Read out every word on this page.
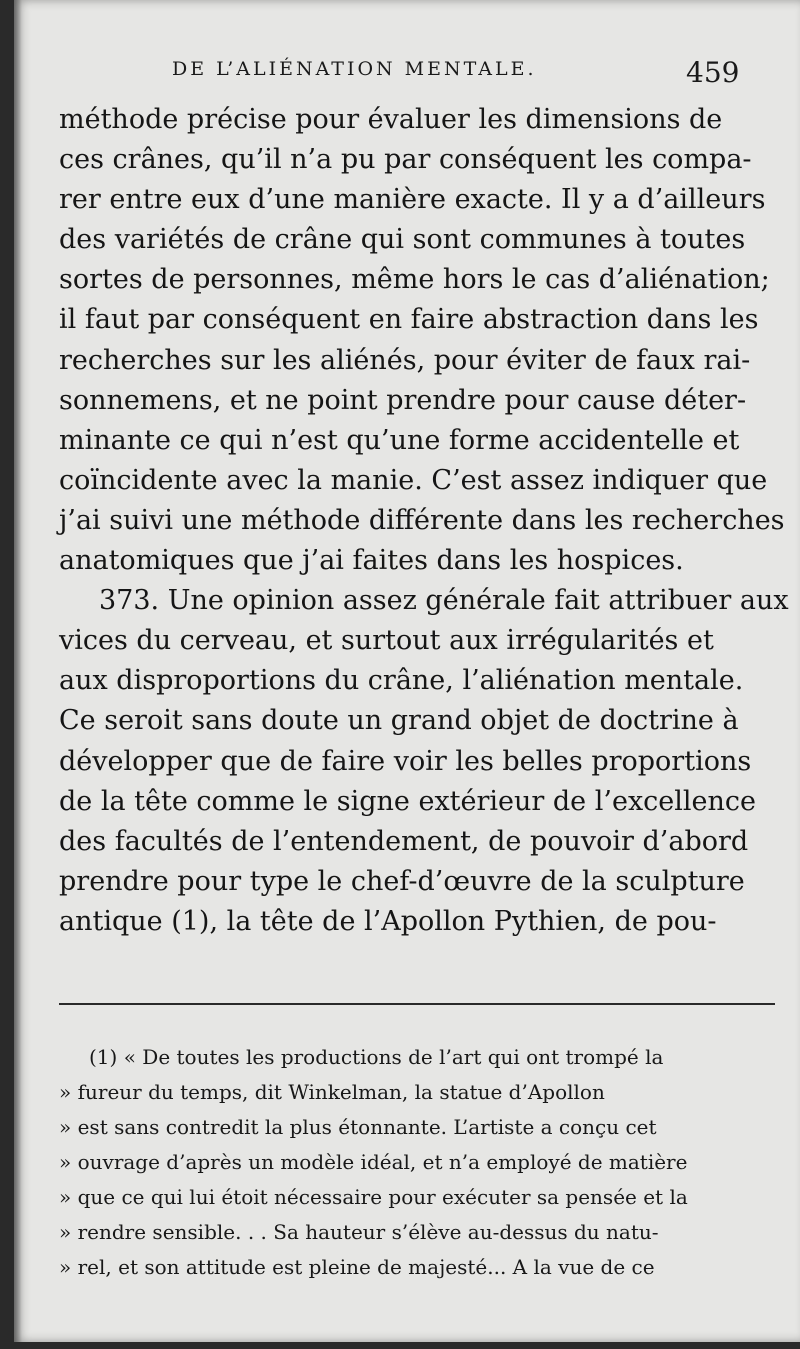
DE L’ALIÉNATION MENTALE.	459
méthode précise pour évaluer les dimensions de
ces crânes, qu’il n’a pu par conséquent les compa-
rer entre eux d’une manière exacte. Il y a d’ailleurs
des variétés de crâne qui sont communes à toutes
sortes de personnes, même hors le cas d’aliénation;
il faut par conséquent en faire abstraction dans les
recherches sur les aliénés, pour éviter de faux rai-
sonnemens, et ne point prendre pour cause déter-
minante ce qui n’est qu’une forme accidentelle et
coïncidente avec la manie. C’est assez indiquer que
j’ai suivi une méthode différente dans les recherches
anatomiques que j’ai faites dans les hospices.
373. Une opinion assez générale fait attribuer aux
vices du cerveau, et surtout aux irrégularités et
aux disproportions du crâne, l’aliénation mentale.
Ce seroit sans doute un grand objet de doctrine à
développer que de faire voir les belles proportions
de la tête comme le signe extérieur de l’excellence
des facultés de l’entendement, de pouvoir d’abord
prendre pour type le chef-d’œuvre de la sculpture
antique (1), la tête de l’Apollon Pythien, de pou-
(1) « De toutes les productions de l’art qui ont trompé la
» fureur du temps, dit Winkelman, la statue d’Apollon
» est sans contredit la plus étonnante. L’artiste a conçu cet
» ouvrage d’après un modèle idéal, et n’a employé de matière
» que ce qui lui étoit nécessaire pour exécuter sa pensée et la
» rendre sensible. . . Sa hauteur s’élève au-dessus du natu-
» rel, et son attitude est pleine de majesté... A la vue de ce
